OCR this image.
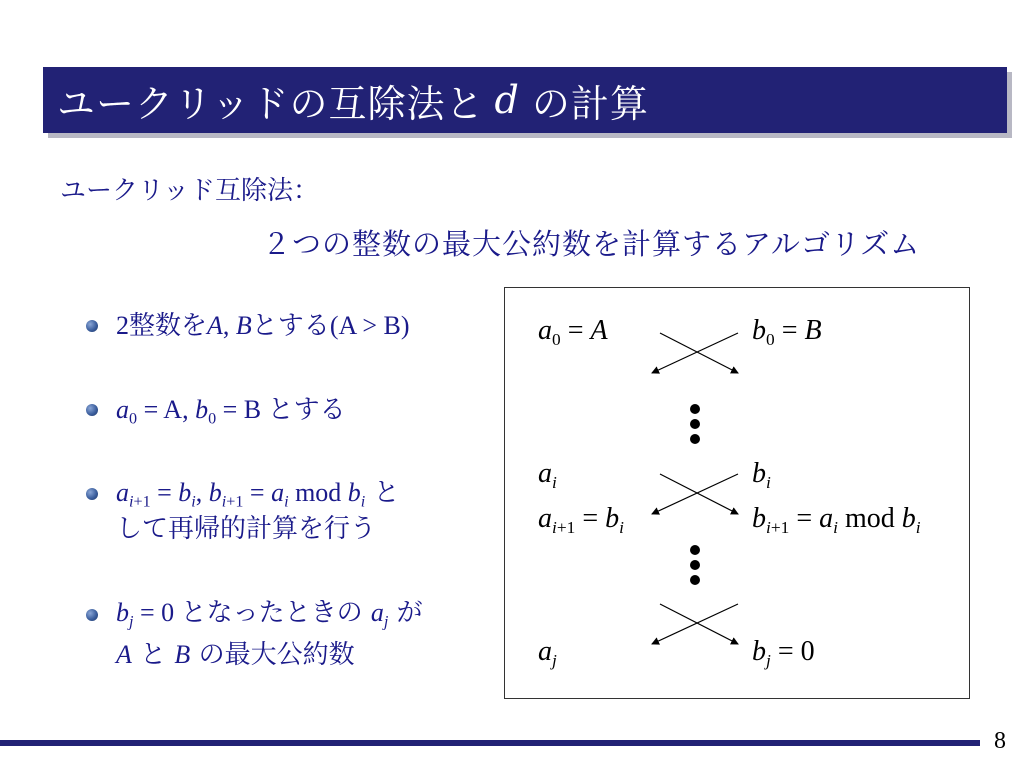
ユークリッドの互除法と d の計算
ユークリッド互除法：
２つの整数の最大公約数を計算するアルゴリズム
2整数をA, Bとする(A > B)
$a_0 = A$, $b_0 = B$ とする
$a_{i+1} = b_i$, $b_{i+1} = a_i$ mod $b_i$ と
して再帰的計算を行う
$b_j = 0$ となったときの $a_j$ が
A と B の最大公約数
$a_0 = A$	$b_0 = B$
$a_i$	$b_i$
$a_{i+1} = b_i$	$b_{i+1} = a_i$ mod $b_i$
$a_j$	$b_j = 0$
8
